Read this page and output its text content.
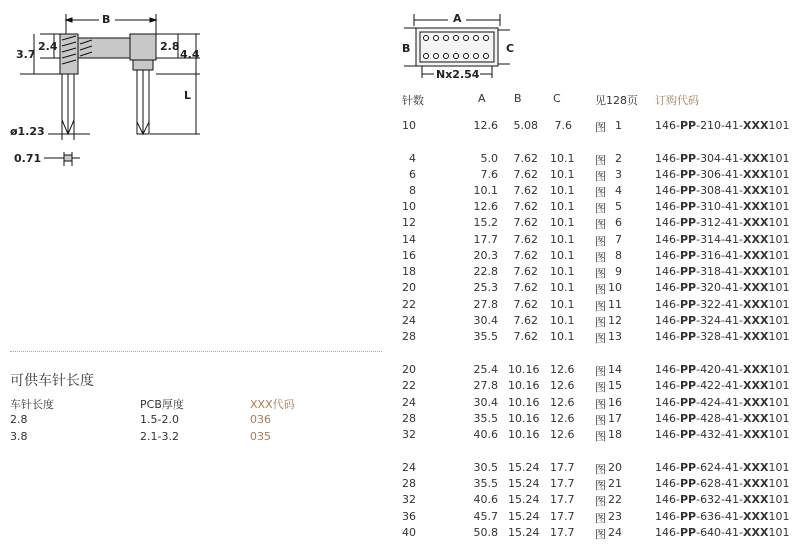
B
2.4
3.7
2.8
4.4
L
ø1.23
0.71
A
B	C
Nx2.54
针数	A	B	C	见128页 订购代码
10	12.6	5.08	7.6 图 1	146-PP-210-41-XXX101
4	5.0	7.62 10.1 图 2	146-PP-304-41-XXX101
6	7.6	7.62 10.1 图 3	146-PP-306-41-XXX101
8	10.1	7.62 10.1 图 4	146-PP-308-41-XXX101
10	12.6	7.62 10.1 图 5	146-PP-310-41-XXX101
12	15.2	7.62 10.1 图 6	146-PP-312-41-XXX101
14	17.7	7.62 10.1 图 7	146-PP-314-41-XXX101
16	20.3	7.62 10.1 图 8	146-PP-316-41-XXX101
18	22.8	7.62 10.1 图 9	146-PP-318-41-XXX101
20	25.3	7.62 10.1 图 10	146-PP-320-41-XXX101
22	27.8	7.62 10.1 图 11	146-PP-322-41-XXX101
24	30.4	7.62 10.1 图 12	146-PP-324-41-XXX101
28	35.5	7.62 10.1 图 13	146-PP-328-41-XXX101
20	25.4 10.16 12.6 图 14	146-PP-420-41-XXX101
22	27.8 10.16 12.6 图 15	146-PP-422-41-XXX101
24	30.4 10.16 12.6 图 16	146-PP-424-41-XXX101
28	35.5 10.16 12.6 图 17	146-PP-428-41-XXX101
32	40.6 10.16 12.6 图 18	146-PP-432-41-XXX101
24	30.5 15.24 17.7 图 20	146-PP-624-41-XXX101
28	35.5 15.24 17.7 图 21	146-PP-628-41-XXX101
32	40.6 15.24 17.7 图 22	146-PP-632-41-XXX101
36	45.7 15.24 17.7 图 23	146-PP-636-41-XXX101
40	50.8 15.24 17.7 图 24	146-PP-640-41-XXX101
可供车针长度
车针长度	PCB厚度	XXX代码
2.8	1.5-2.0	036
3.8	2.1-3.2	035
